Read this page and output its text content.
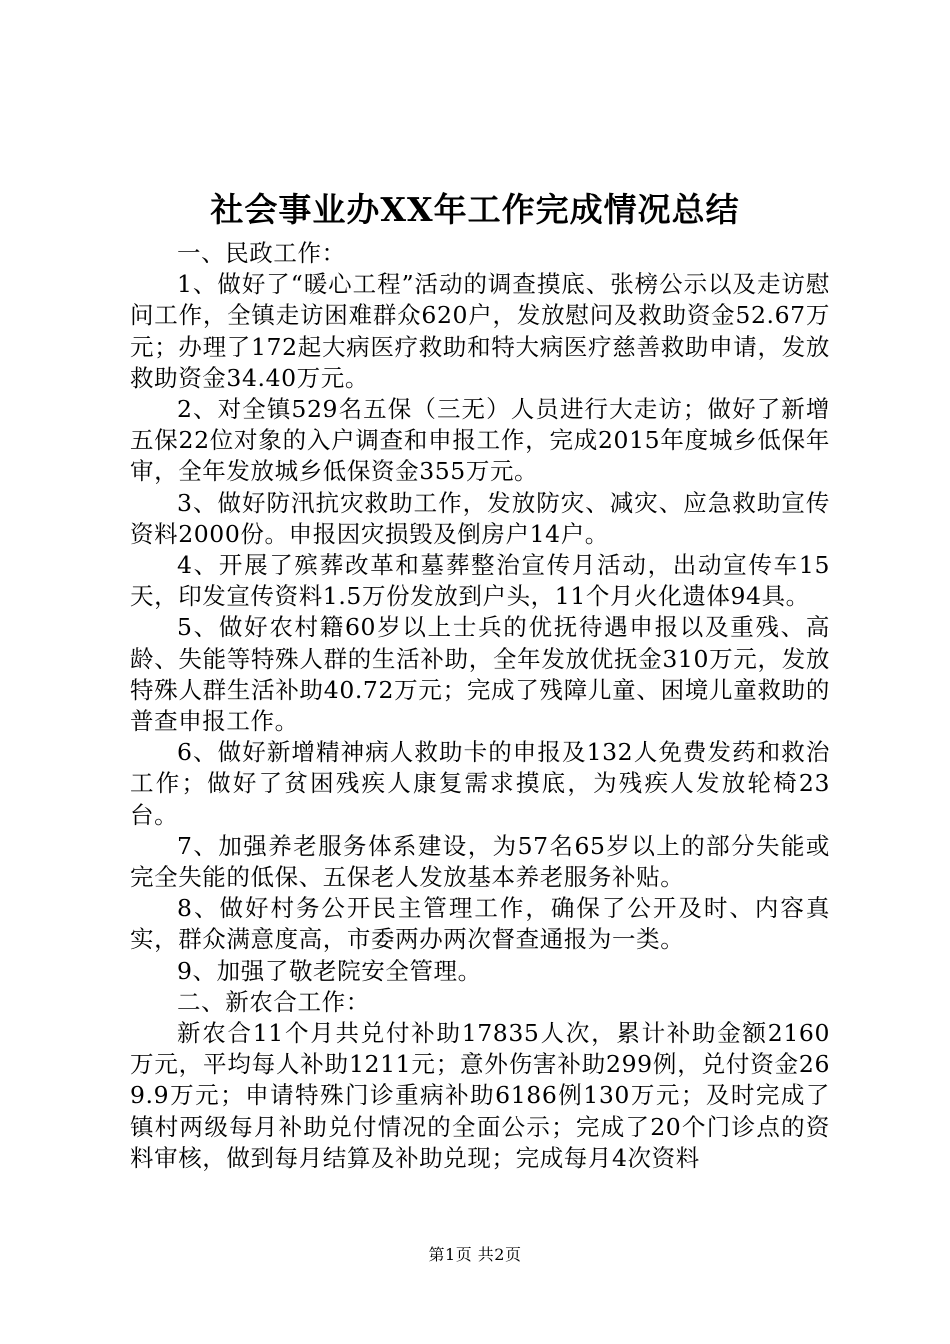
社会事业办XX年工作完成情况总结

一、民政工作：

1、做好了“暖心工程”活动的调查摸底、张榜公示以及走访慰问工作，全镇走访困难群众620户，发放慰问及救助资金52.67万元；办理了172起大病医疗救助和特大病医疗慈善救助申请，发放救助资金34.40万元。

2、对全镇529名五保（三无）人员进行大走访；做好了新增五保22位对象的入户调查和申报工作，完成2015年度城乡低保年审，全年发放城乡低保资金355万元。

3、做好防汛抗灾救助工作，发放防灾、减灾、应急救助宣传资料2000份。申报因灾损毁及倒房户14户。

4、开展了殡葬改革和墓葬整治宣传月活动，出动宣传车15天，印发宣传资料1.5万份发放到户头，11个月火化遗体94具。

5、做好农村籍60岁以上士兵的优抚待遇申报以及重残、高龄、失能等特殊人群的生活补助，全年发放优抚金310万元，发放特殊人群生活补助40.72万元；完成了残障儿童、困境儿童救助的普查申报工作。

6、做好新增精神病人救助卡的申报及132人免费发药和救治工作；做好了贫困残疾人康复需求摸底，为残疾人发放轮椅23台。

7、加强养老服务体系建设，为57名65岁以上的部分失能或完全失能的低保、五保老人发放基本养老服务补贴。

8、做好村务公开民主管理工作，确保了公开及时、内容真实，群众满意度高，市委两办两次督查通报为一类。

9、加强了敬老院安全管理。

二、新农合工作：

新农合11个月共兑付补助17835人次，累计补助金额2160万元，平均每人补助1211元；意外伤害补助299例，兑付资金269.9万元；申请特殊门诊重病补助6186例130万元；及时完成了镇村两级每月补助兑付情况的全面公示；完成了20个门诊点的资料审核，做到每月结算及补助兑现；完成每月4次资料

第1页 共2页
